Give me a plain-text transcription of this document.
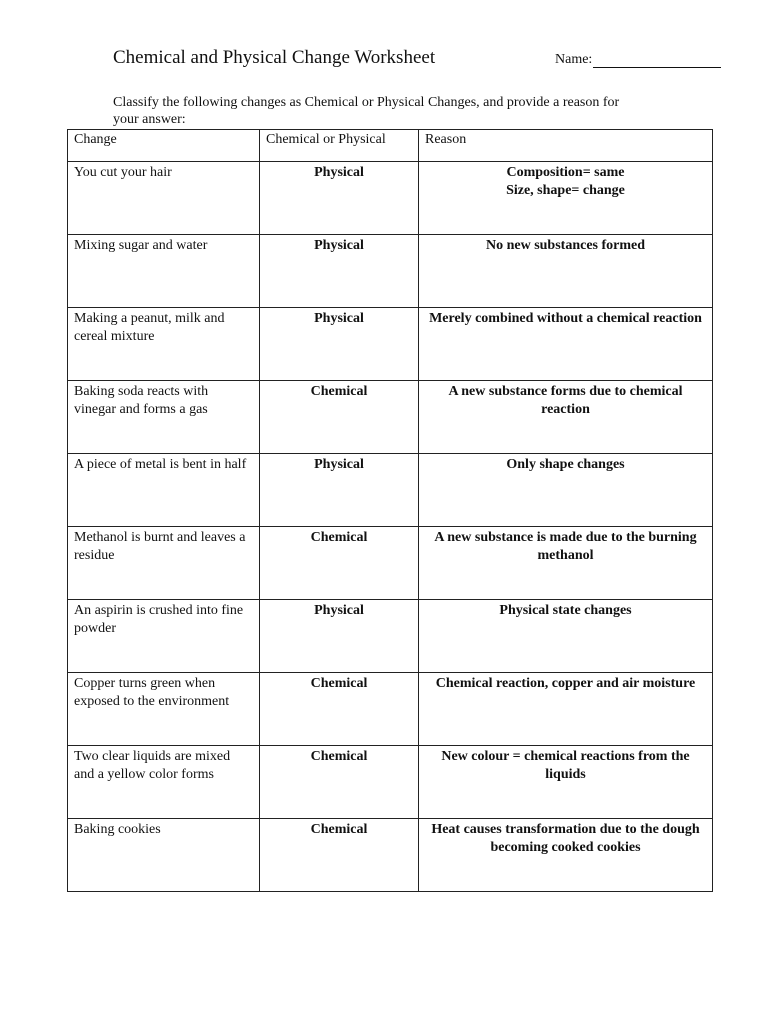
Chemical and Physical Change Worksheet	Name:
Classify the following changes as Chemical or Physical Changes, and provide a reason for your answer:
Change	Chemical or Physical	Reason
You cut your hair	Physical	Composition= same
Size, shape= change
Mixing sugar and water	Physical	No new substances formed
Making a peanut, milk and cereal mixture	Physical	Merely combined without a chemical reaction
Baking soda reacts with vinegar and forms a gas	Chemical	A new substance forms due to chemical reaction
A piece of metal is bent in half	Physical	Only shape changes
Methanol is burnt and leaves a residue	Chemical	A new substance is made due to the burning methanol
An aspirin is crushed into fine powder	Physical	Physical state changes
Copper turns green when exposed to the environment	Chemical	Chemical reaction, copper and air moisture
Two clear liquids are mixed and a yellow color forms	Chemical	New colour = chemical reactions from the liquids
Baking cookies	Chemical	Heat causes transformation due to the dough becoming cooked cookies
